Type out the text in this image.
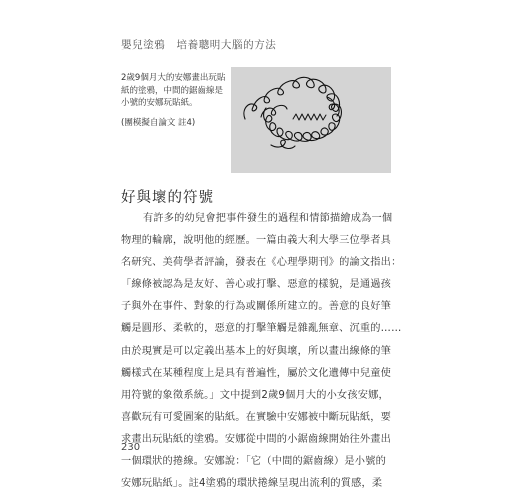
嬰兒塗鴉　培養聰明大腦的方法
2歲9個月大的安娜畫出玩貼紙的塗鴉，中間的鋸齒線是小號的安娜玩貼紙。
(團模擬自論文 註4)
好與壞的符號
有許多的幼兒會把事件發生的過程和情節描繪成為一個
物理的輪廓，說明他的經歷。一篇由義大利大學三位學者具
名研究、美荷學者評論，發表在《心理學期刊》的論文指出：
「線條被認為是友好、善心或打擊、惡意的樣貌，是通過孩
子與外在事件、對象的行為或關係所建立的。善意的良好筆
觸是圓形、柔軟的，惡意的打擊筆觸是雜亂無章、沉重的……
由於現實是可以定義出基本上的好與壞，所以畫出線條的筆
觸樣式在某種程度上是具有普遍性，屬於文化遺傳中兒童使
用符號的象徵系統。」文中提到2歲9個月大的小女孩安娜，
喜歡玩有可愛圖案的貼紙。在實驗中安娜被中斷玩貼紙，要
求畫出玩貼紙的塗鴉。安娜從中間的小鋸齒線開始往外畫出
一個環狀的捲線。安娜說：「它（中間的鋸齒線）是小號的
安娜玩貼紙」。註4塗鴉的環狀捲線呈現出流利的質感，柔
230
